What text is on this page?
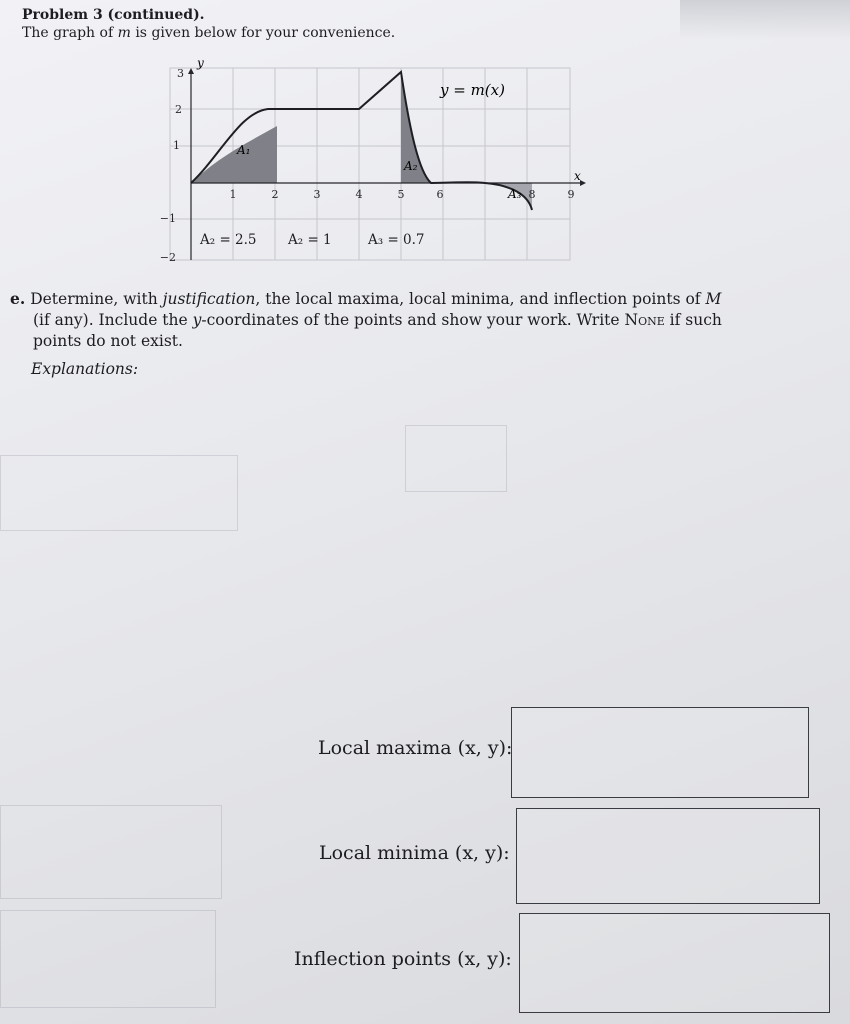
Problem 3 (continued).
The graph of m is given below for your convenience.
y = m(x)
x
y
1	2	3	4	5	6	8	9
3
2
1
−1
−2
A₁
A₂
A₃
A₂ = 2.5 A₂ = 1	A₃ = 0.7
e. Determine, with justification, the local maxima, local minima, and inflection points of M
(if any). Include the y-coordinates of the points and show your work. Write None if such
points do not exist.
Explanations:
Local maxima (x, y):
Local minima (x, y):
Inflection points (x, y):
